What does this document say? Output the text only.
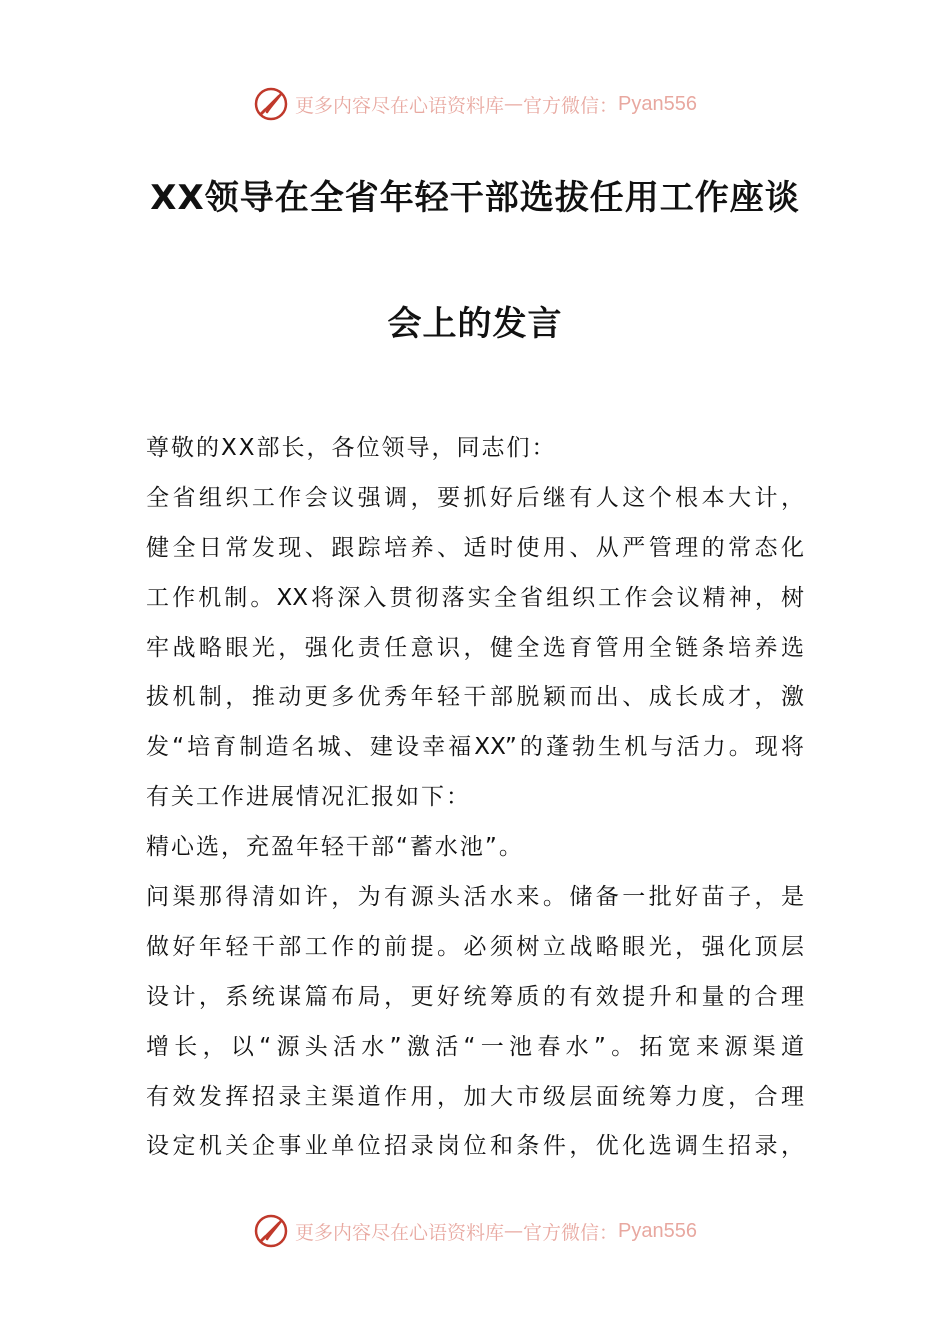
更多内容尽在心语资料库 — 官方微信： Pyan556
XX领导在全省年轻干部选拔任用工作座谈
会上的发言
尊敬的XX部长，各位领导，同志们：
全省组织工作会议强调，要抓好后继有人这个根本大计，
健全日常发现、跟踪培养、适时使用、从严管理的常态化
工作机制。XX将深入贯彻落实全省组织工作会议精神，树
牢战略眼光，强化责任意识，健全选育管用全链条培养选
拔机制，推动更多优秀年轻干部脱颖而出、成长成才，激
发“培育制造名城、建设幸福XX”的蓬勃生机与活力。现将
有关工作进展情况汇报如下：
精心选，充盈年轻干部“蓄水池”。
问渠那得清如许，为有源头活水来。储备一批好苗子，是
做好年轻干部工作的前提。必须树立战略眼光，强化顶层
设计，系统谋篇布局，更好统筹质的有效提升和量的合理
增长，以“源头活水”激活“一池春水”。拓宽来源渠道
有效发挥招录主渠道作用，加大市级层面统筹力度，合理
设定机关企事业单位招录岗位和条件，优化选调生招录，
更多内容尽在心语资料库 — 官方微信： Pyan556
